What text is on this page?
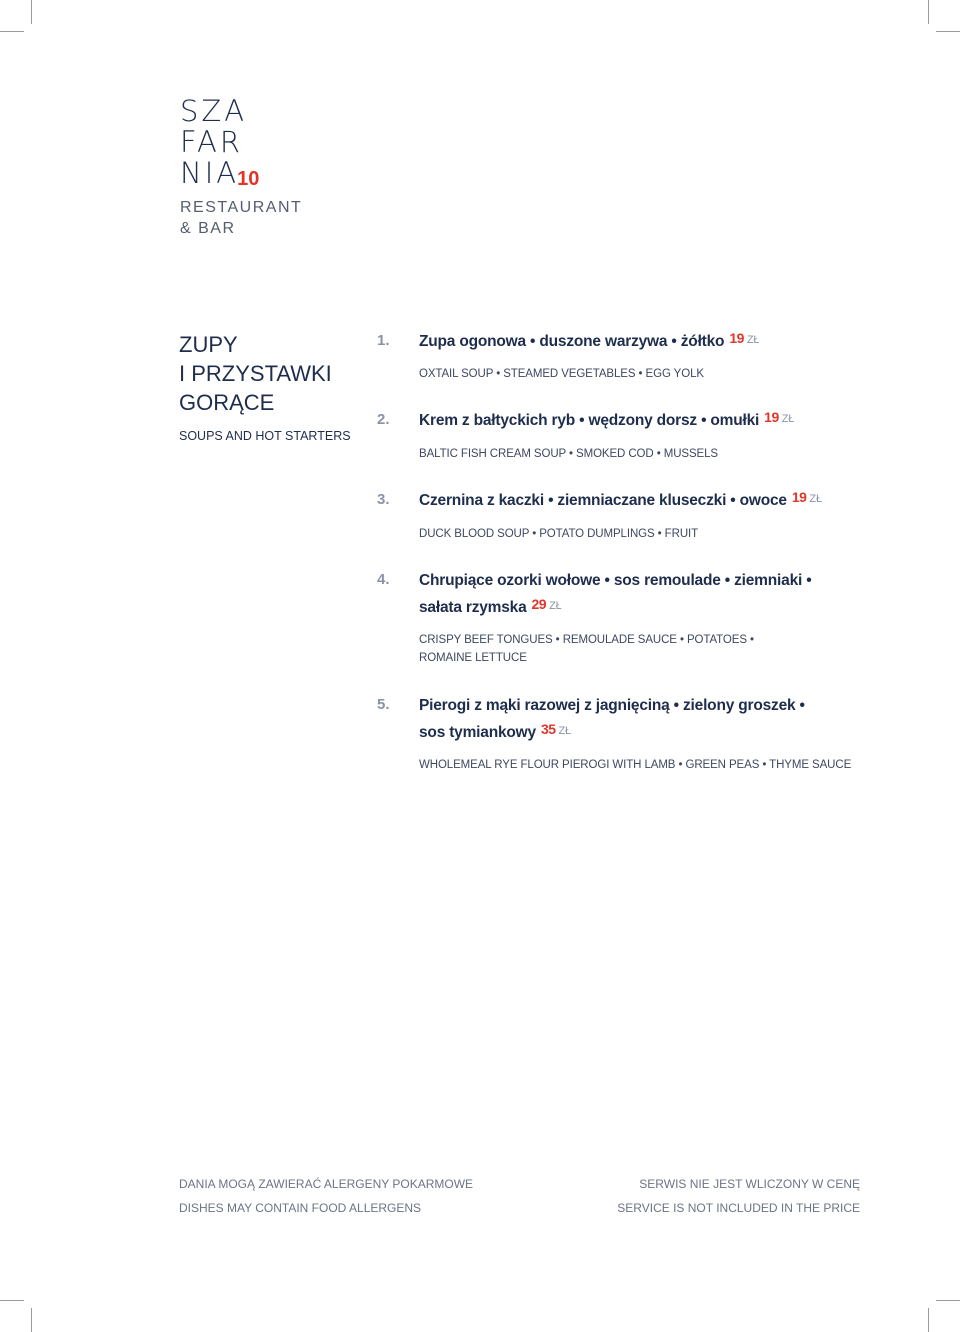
SZA
FAR
NIA$^{10}$
RESTAURANT
& BAR
ZUPY
I PRZYSTAWKI
GORĄCE
SOUPS AND HOT STARTERS
1. Zupa ogonowa • duszone warzywa • żółtko 19 ZŁ
OXTAIL SOUP • STEAMED VEGETABLES • EGG YOLK
2. Krem z bałtyckich ryb • wędzony dorsz • omułki 19 ZŁ
BALTIC FISH CREAM SOUP • SMOKED COD • MUSSELS
3. Czernina z kaczki • ziemniaczane kluseczki • owoce 19 ZŁ
DUCK BLOOD SOUP • POTATO DUMPLINGS • FRUIT
4. Chrupiące ozorki wołowe • sos remoulade • ziemniaki •
sałata rzymska 29 ZŁ
CRISPY BEEF TONGUES • REMOULADE SAUCE • POTATOES •
ROMAINE LETTUCE
5. Pierogi z mąki razowej z jagnięciną • zielony groszek •
sos tymiankowy 35 ZŁ
WHOLEMEAL RYE FLOUR PIEROGI WITH LAMB • GREEN PEAS • THYME SAUCE
DANIA MOGĄ ZAWIERAĆ ALERGENY POKARMOWE
DISHES MAY CONTAIN FOOD ALLERGENS
SERWIS NIE JEST WLICZONY W CENĘ
SERVICE IS NOT INCLUDED IN THE PRICE
